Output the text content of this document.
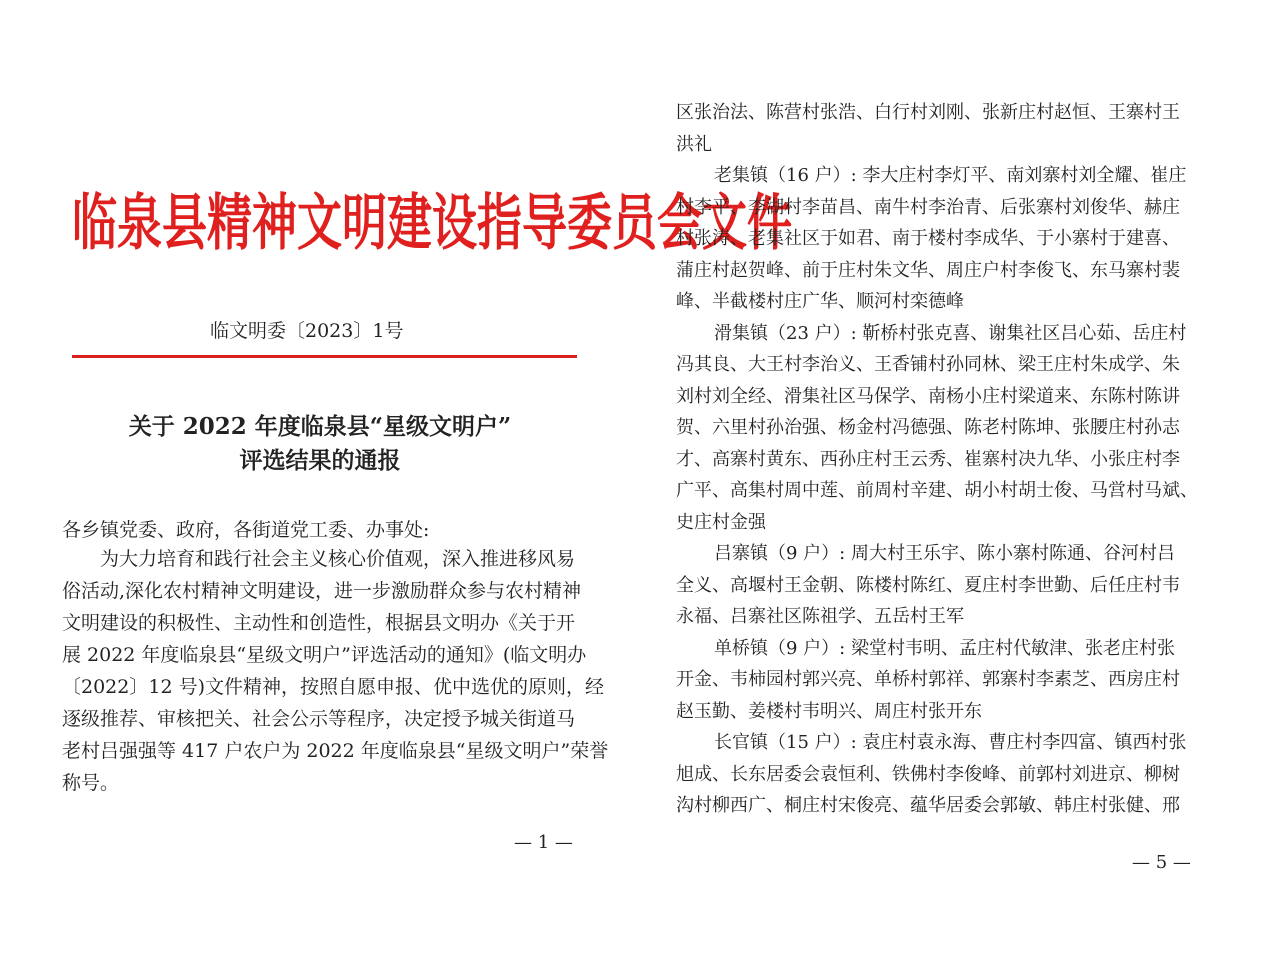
临泉县精神文明建设指导委员会文件
临文明委〔2023〕1号
关于 2022 年度临泉县“星级文明户”
评选结果的通报
各乡镇党委、政府，各街道党工委、办事处:
为大力培育和践行社会主义核心价值观，深入推进移风易
俗活动,深化农村精神文明建设，进一步激励群众参与农村精神
文明建设的积极性、主动性和创造性，根据县文明办《关于开
展 2022 年度临泉县“星级文明户”评选活动的通知》(临文明办
〔2022〕12 号)文件精神，按照自愿申报、优中选优的原则，经
逐级推荐、审核把关、社会公示等程序，决定授予城关街道马
老村吕强强等 417 户农户为 2022 年度临泉县“星级文明户”荣誉
称号。
— 1 —
区张治法、陈营村张浩、白行村刘刚、张新庄村赵恒、王寨村王
洪礼
老集镇（16 户）: 李大庄村李灯平、南刘寨村刘全耀、崔庄
村李平、李湖村李苗昌、南牛村李治青、后张寨村刘俊华、赫庄
村张涛、老集社区于如君、南于楼村李成华、于小寨村于建喜、
蒲庄村赵贺峰、前于庄村朱文华、周庄户村李俊飞、东马寨村裴
峰、半截楼村庄广华、顺河村栾德峰
滑集镇（23 户）: 靳桥村张克喜、谢集社区吕心茹、岳庄村
冯其良、大王村李治义、王香铺村孙同林、梁王庄村朱成学、朱
刘村刘全经、滑集社区马保学、南杨小庄村梁道来、东陈村陈讲
贺、六里村孙治强、杨金村冯德强、陈老村陈坤、张腰庄村孙志
才、高寨村黄东、西孙庄村王云秀、崔寨村决九华、小张庄村李
广平、高集村周中莲、前周村辛建、胡小村胡士俊、马営村马斌、
史庄村金强
吕寨镇（9 户）: 周大村王乐宇、陈小寨村陈通、谷河村吕
全义、高堰村王金朝、陈楼村陈红、夏庄村李世勤、后任庄村韦
永福、吕寨社区陈祖学、五岳村王军
单桥镇（9 户）: 梁堂村韦明、孟庄村代敏津、张老庄村张
开金、韦柿园村郭兴亮、单桥村郭祥、郭寨村李素芝、西房庄村
赵玉勤、姜楼村韦明兴、周庄村张开东
长官镇（15 户）: 袁庄村袁永海、曹庄村李四富、镇西村张
旭成、长东居委会袁恒利、铁佛村李俊峰、前郭村刘进京、柳树
沟村柳西广、桐庄村宋俊亮、蕴华居委会郭敏、韩庄村张健、邢
— 5 —
